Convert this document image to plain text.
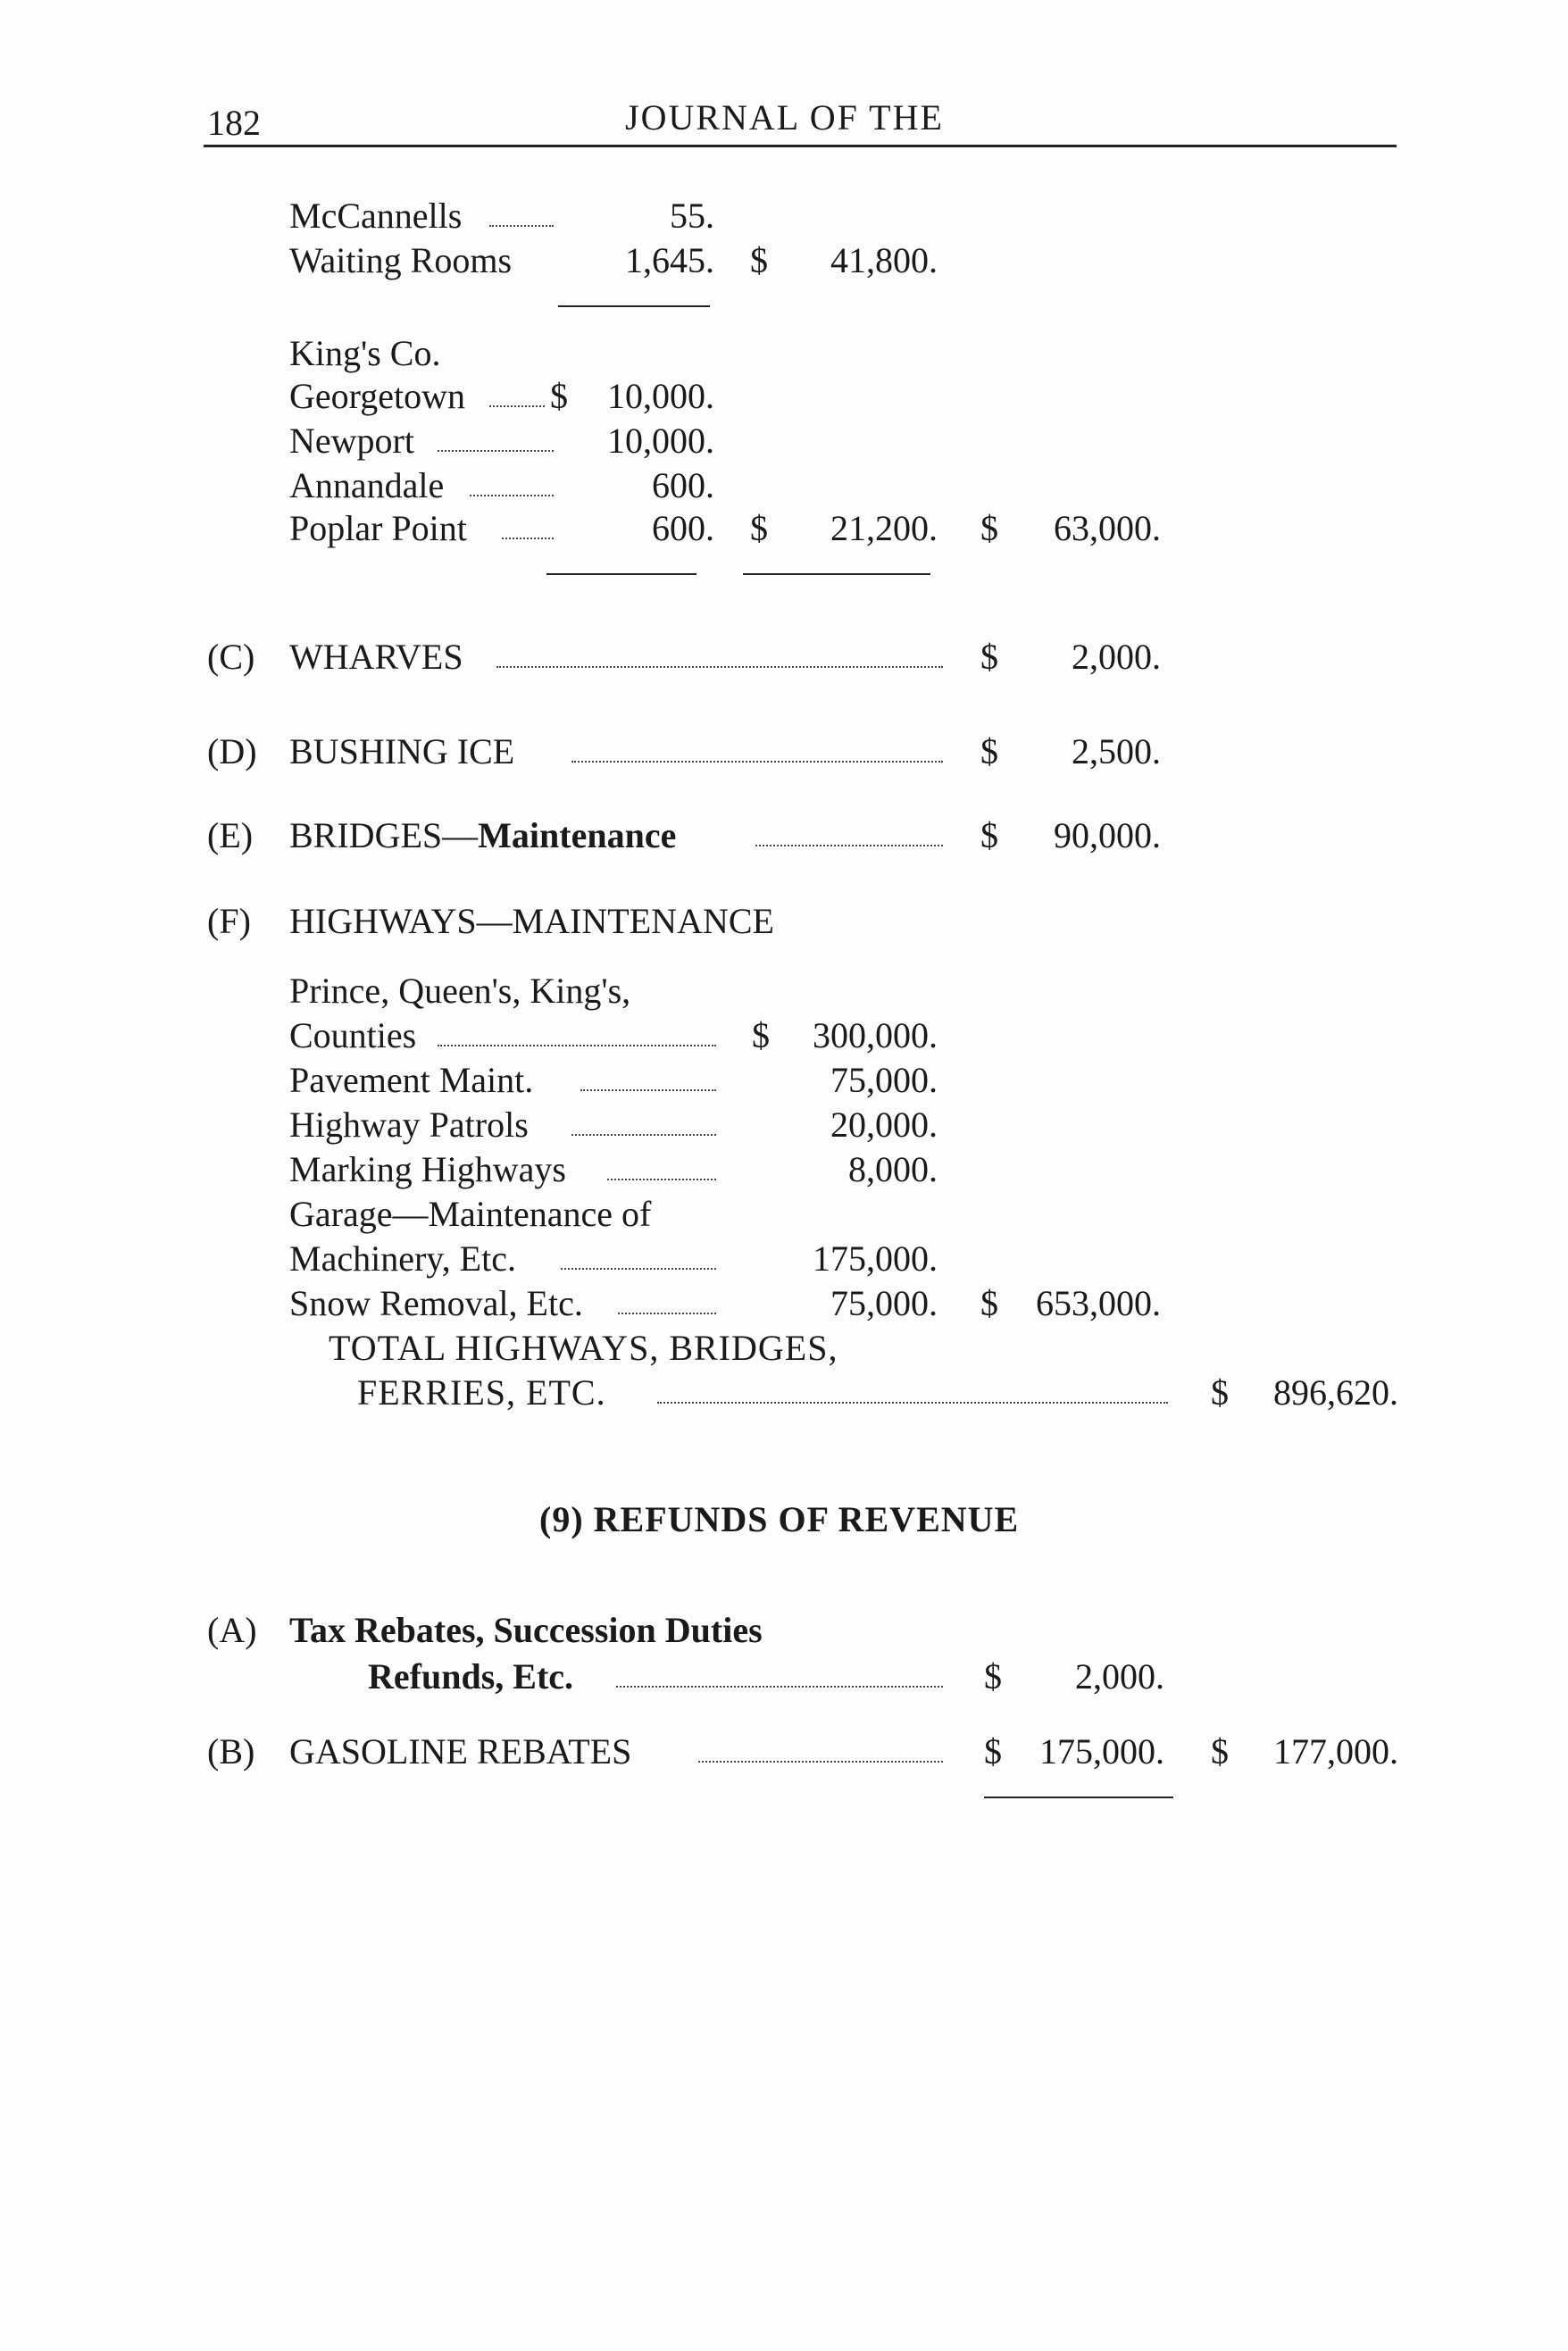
182	JOURNAL OF THE
McCannells	55.
Waiting Rooms	1,645. $	41,800.
King's Co.
Georgetown $	10,000.
Newport	10,000.
Annandale	600.
Poplar Point	600. $	21,200. $	63,000.
(C) WHARVES	$	2,000.
(D) BUSHING ICE	$	2,500.
(E) BRIDGES—Maintenance	$	90,000.
(F) HIGHWAYS—MAINTENANCE
Prince, Queen's, King's,
Counties	$	300,000.
Pavement Maint.	75,000.
Highway Patrols	20,000.
Marking Highways	8,000.
Garage—Maintenance of
Machinery, Etc.	175,000.
Snow Removal, Etc.	75,000. $	653,000.
TOTAL HIGHWAYS, BRIDGES,
FERRIES, ETC.	$	896,620.
(9) REFUNDS OF REVENUE
(A) Tax Rebates, Succession Duties
Refunds, Etc.	$	2,000.
(B) GASOLINE REBATES	$	175,000. $	177,000.
